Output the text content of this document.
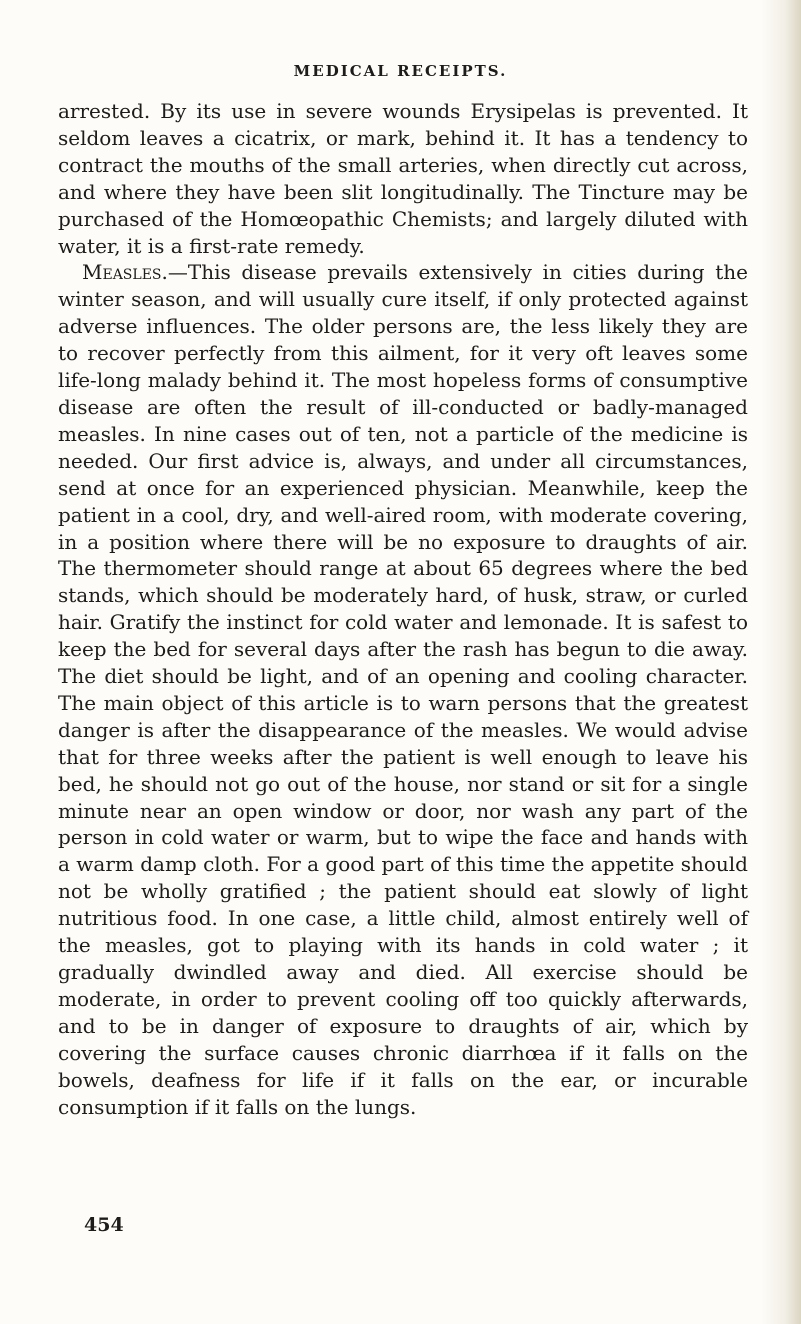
MEDICAL RECEIPTS.

arrested. By its use in severe wounds Erysipelas is prevented. It seldom leaves a cicatrix, or mark, behind it. It has a tendency to contract the mouths of the small arteries, when directly cut across, and where they have been slit longitudinally. The Tincture may be purchased of the Homœopathic Chemists; and largely diluted with water, it is a first-rate remedy.

Measles.—This disease prevails extensively in cities during the winter season, and will usually cure itself, if only protected against adverse influences. The older persons are, the less likely they are to recover perfectly from this ailment, for it very oft leaves some life-long malady behind it. The most hopeless forms of consumptive disease are often the result of ill-conducted or badly-managed measles. In nine cases out of ten, not a particle of the medicine is needed. Our first advice is, always, and under all circumstances, send at once for an experienced physician. Meanwhile, keep the patient in a cool, dry, and well-aired room, with moderate covering, in a position where there will be no exposure to draughts of air. The thermometer should range at about 65 degrees where the bed stands, which should be moderately hard, of husk, straw, or curled hair. Gratify the instinct for cold water and lemonade. It is safest to keep the bed for several days after the rash has begun to die away. The diet should be light, and of an opening and cooling character. The main object of this article is to warn persons that the greatest danger is after the disappearance of the measles. We would advise that for three weeks after the patient is well enough to leave his bed, he should not go out of the house, nor stand or sit for a single minute near an open window or door, nor wash any part of the person in cold water or warm, but to wipe the face and hands with a warm damp cloth. For a good part of this time the appetite should not be wholly gratified ; the patient should eat slowly of light nutritious food. In one case, a little child, almost entirely well of the measles, got to playing with its hands in cold water ; it gradually dwindled away and died. All exercise should be moderate, in order to prevent cooling off too quickly afterwards, and to be in danger of exposure to draughts of air, which by covering the surface causes chronic diarrhœa if it falls on the bowels, deafness for life if it falls on the ear, or incurable consumption if it falls on the lungs.

454
